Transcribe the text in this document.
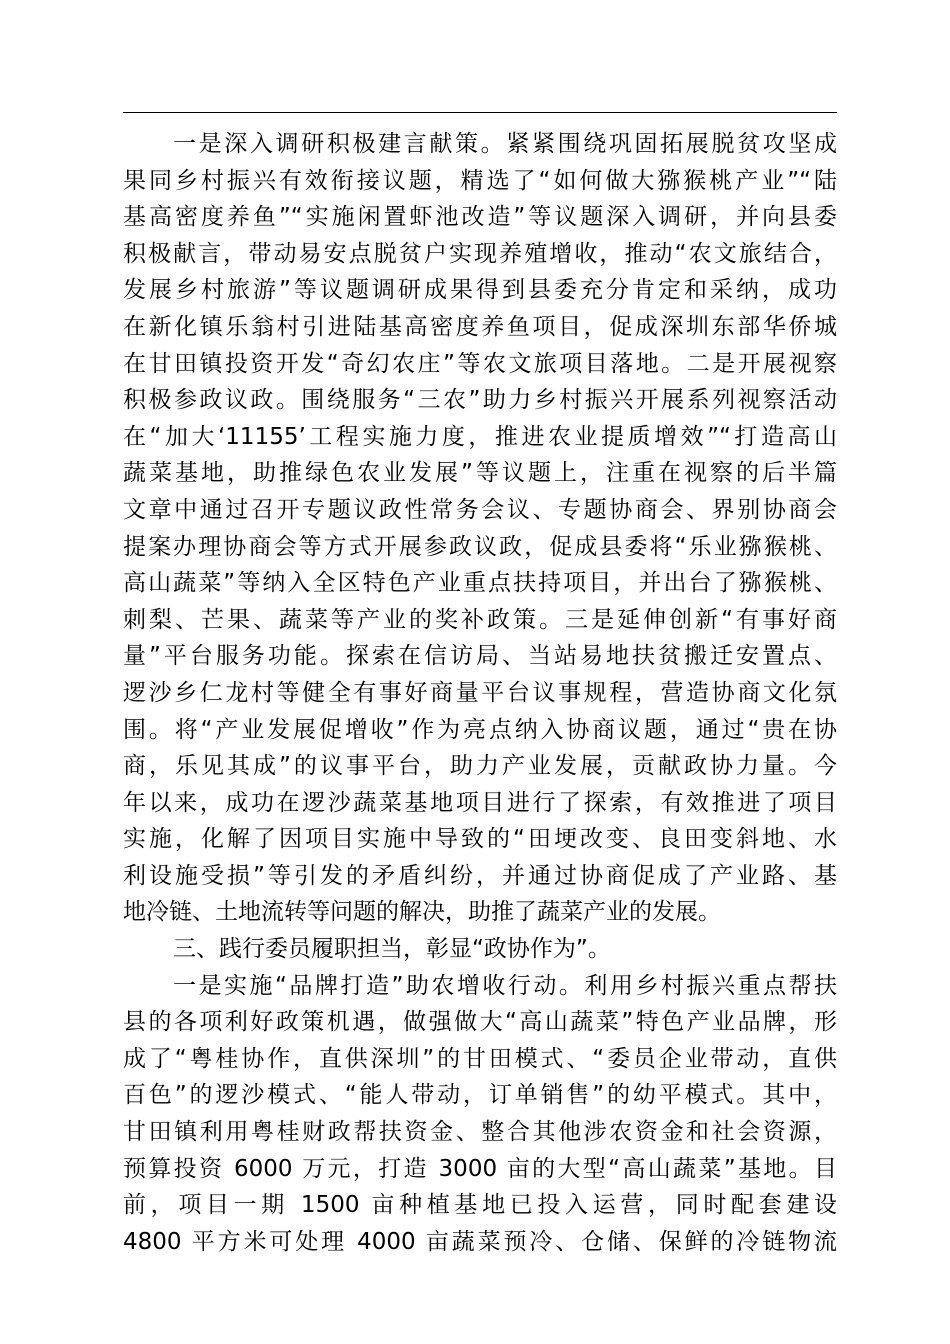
一是深入调研积极建言献策。紧紧围绕巩固拓展脱贫攻坚成
果同乡村振兴有效衔接议题，精选了“如何做大猕猴桃产业”“陆
基高密度养鱼”“实施闲置虾池改造”等议题深入调研，并向县委
积极献言，带动易安点脱贫户实现养殖增收，推动“农文旅结合，
发展乡村旅游”等议题调研成果得到县委充分肯定和采纳，成功
在新化镇乐翁村引进陆基高密度养鱼项目，促成深圳东部华侨城
在甘田镇投资开发“奇幻农庄”等农文旅项目落地。二是开展视察
积极参政议政。围绕服务“三农”助力乡村振兴开展系列视察活动
在“加大‘11155’工程实施力度，推进农业提质增效”“打造高山
蔬菜基地，助推绿色农业发展”等议题上，注重在视察的后半篇
文章中通过召开专题议政性常务会议、专题协商会、界别协商会
提案办理协商会等方式开展参政议政，促成县委将“乐业猕猴桃、
高山蔬菜”等纳入全区特色产业重点扶持项目，并出台了猕猴桃、
刺梨、芒果、蔬菜等产业的奖补政策。三是延伸创新“有事好商
量”平台服务功能。探索在信访局、当站易地扶贫搬迁安置点、
逻沙乡仁龙村等健全有事好商量平台议事规程，营造协商文化氛
围。将“产业发展促增收”作为亮点纳入协商议题，通过“贵在协
商，乐见其成”的议事平台，助力产业发展，贡献政协力量。今
年以来，成功在逻沙蔬菜基地项目进行了探索，有效推进了项目
实施，化解了因项目实施中导致的“田埂改变、良田变斜地、水
利设施受损”等引发的矛盾纠纷，并通过协商促成了产业路、基
地冷链、土地流转等问题的解决，助推了蔬菜产业的发展。
三、践行委员履职担当，彰显“政协作为”。
一是实施“品牌打造”助农增收行动。利用乡村振兴重点帮扶
县的各项利好政策机遇，做强做大“高山蔬菜”特色产业品牌，形
成了“粤桂协作，直供深圳”的甘田模式、“委员企业带动，直供
百色”的逻沙模式、“能人带动，订单销售”的幼平模式。其中，
甘田镇利用粤桂财政帮扶资金、整合其他涉农资金和社会资源，
预算投资 6000 万元，打造 3000 亩的大型“高山蔬菜”基地。目
前，项目一期 1500 亩种植基地已投入运营，同时配套建设
4800 平方米可处理 4000 亩蔬菜预冷、仓储、保鲜的冷链物流
